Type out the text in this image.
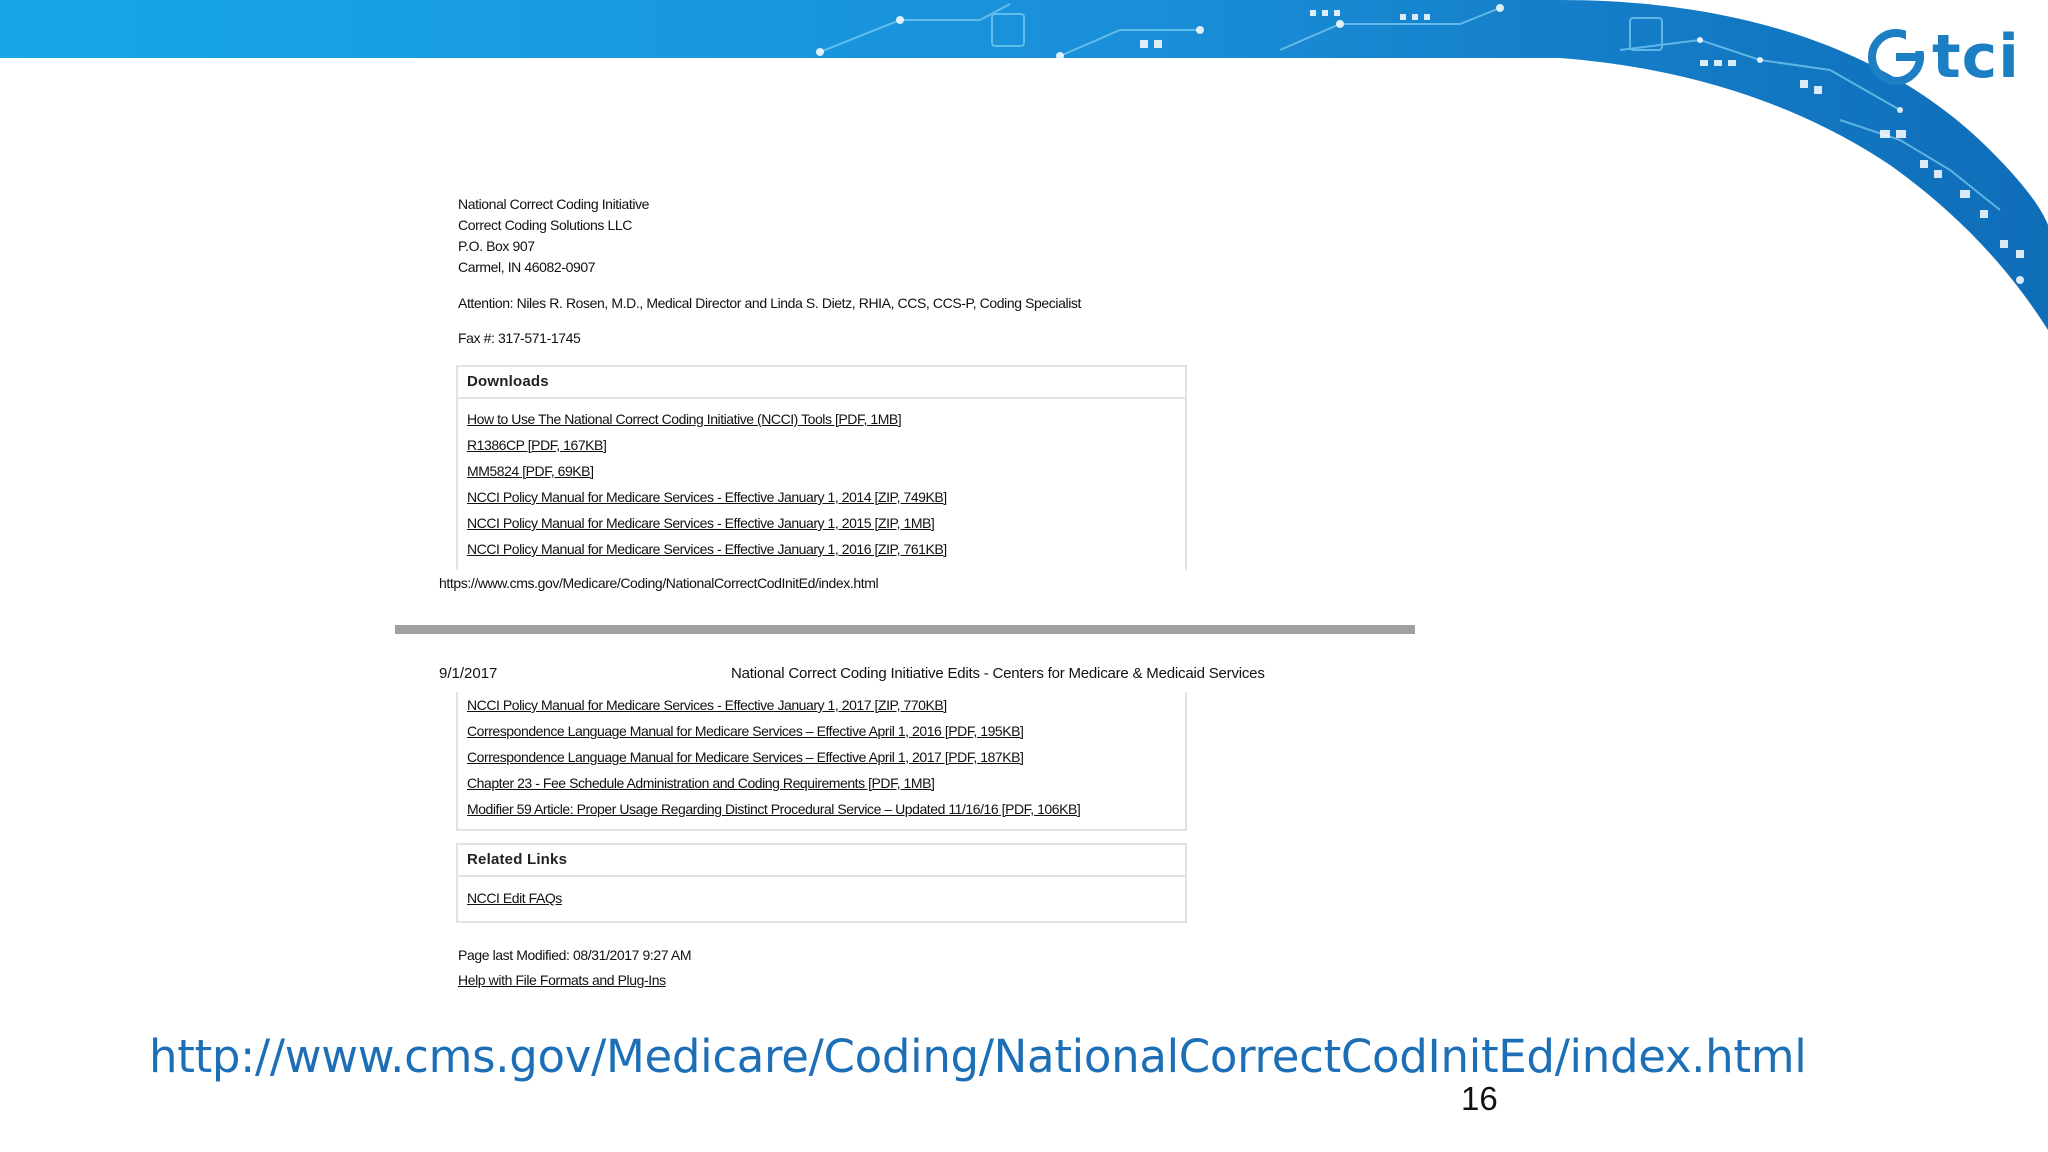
tci
National Correct Coding Initiative
Correct Coding Solutions LLC
P.O. Box 907
Carmel, IN 46082-0907
Attention: Niles R. Rosen, M.D., Medical Director and Linda S. Dietz, RHIA, CCS, CCS-P, Coding Specialist
Fax #: 317-571-1745
Downloads
How to Use The National Correct Coding Initiative (NCCI) Tools [PDF, 1MB]
R1386CP [PDF, 167KB]
MM5824 [PDF, 69KB]
NCCI Policy Manual for Medicare Services - Effective January 1, 2014 [ZIP, 749KB]
NCCI Policy Manual for Medicare Services - Effective January 1, 2015 [ZIP, 1MB]
NCCI Policy Manual for Medicare Services - Effective January 1, 2016 [ZIP, 761KB]
https://www.cms.gov/Medicare/Coding/NationalCorrectCodInitEd/index.html
9/1/2017	National Correct Coding Initiative Edits - Centers for Medicare & Medicaid Services
NCCI Policy Manual for Medicare Services - Effective January 1, 2017 [ZIP, 770KB]
Correspondence Language Manual for Medicare Services – Effective April 1, 2016 [PDF, 195KB]
Correspondence Language Manual for Medicare Services – Effective April 1, 2017 [PDF, 187KB]
Chapter 23 - Fee Schedule Administration and Coding Requirements [PDF, 1MB]
Modifier 59 Article: Proper Usage Regarding Distinct Procedural Service – Updated 11/16/16 [PDF, 106KB]
Related Links
NCCI Edit FAQs
Page last Modified: 08/31/2017 9:27 AM
Help with File Formats and Plug-Ins
http://www.cms.gov/Medicare/Coding/NationalCorrectCodInitEd/index.html
16
